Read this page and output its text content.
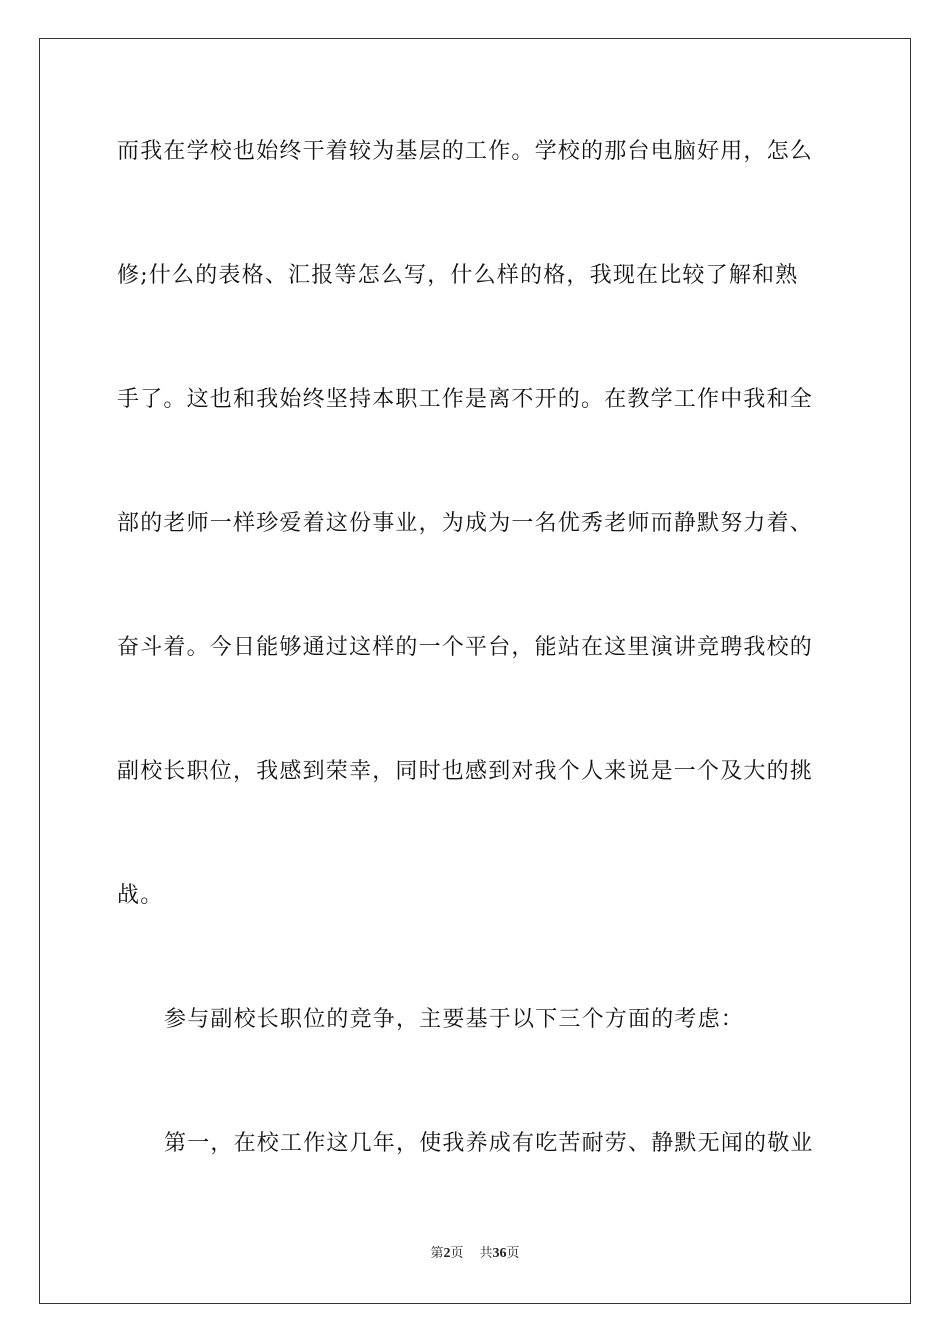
而我在学校也始终干着较为基层的工作。学校的那台电脑好用，怎么
修;什么的表格、汇报等怎么写，什么样的格，我现在比较了解和熟
手了。这也和我始终坚持本职工作是离不开的。在教学工作中我和全
部的老师一样珍爱着这份事业，为成为一名优秀老师而静默努力着、
奋斗着。今日能够通过这样的一个平台，能站在这里演讲竞聘我校的
副校长职位，我感到荣幸，同时也感到对我个人来说是一个及大的挑
战。
参与副校长职位的竞争，主要基于以下三个方面的考虑：
第一，在校工作这几年，使我养成有吃苦耐劳、静默无闻的敬业
第2页 共36页
